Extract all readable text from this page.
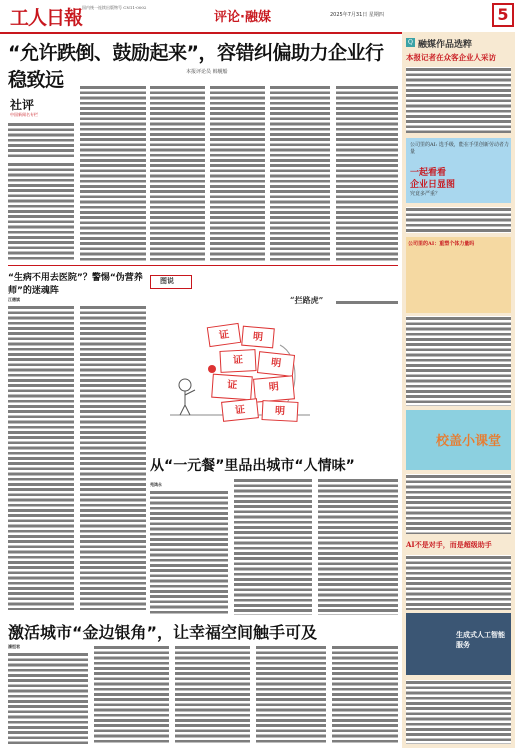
工人日報 国内统一连续出版物号 CN11-0002
评论·融媒	2025年7月31日 星期四	5
“允许跌倒、鼓励起来”，容错纠偏助力企业行稳致远	本报评论员 韩舰船
社评
中国新闻名专栏
“生病不用去医院”？警惕“伪营养师”的迷魂阵
江德斌
图说
“拦路虎”
证	明
证	明
证	明
证	明
从“一元餐”里品出城市“人情味”
苑鸿永
激活城市“金边银角”，让幸福空间触手可及
潘恒君
Q 融媒作品选粹
本报记者在众客企业人采访
公司里的AI: 选手级，能在手里创新劳动者力量
一起看看
企业日显图
究竟多严重？
公司里的AI：重塑个体力量吗
校盖小课堂
AI不是对手，而是超级助手
生成式人工智能服务
